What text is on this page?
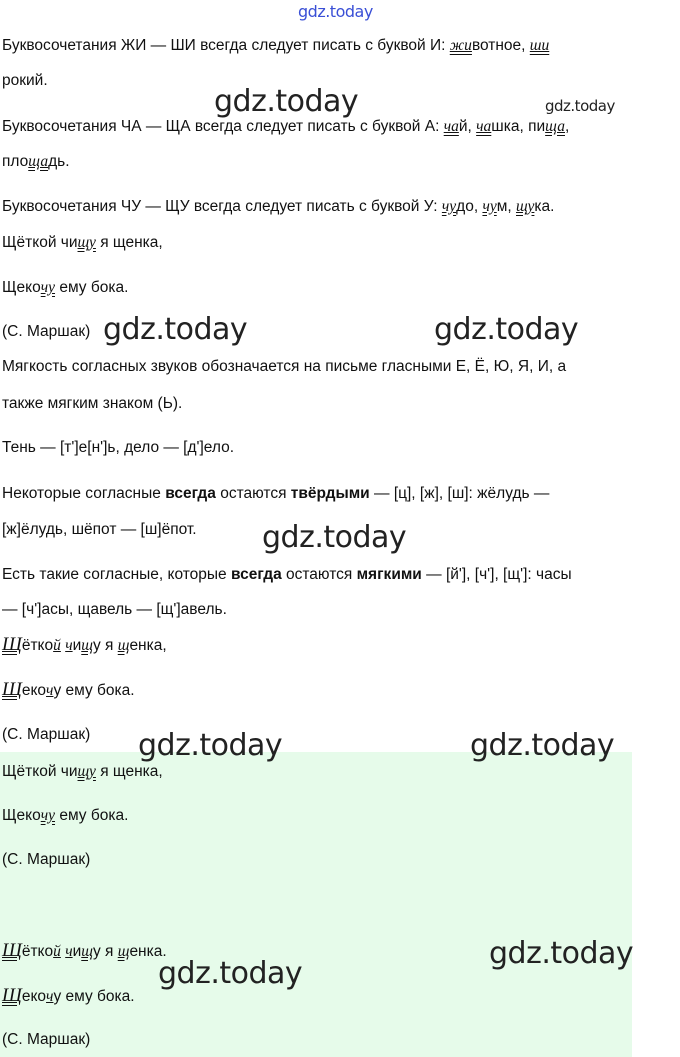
Буквосочетания ЖИ — ШИ всегда следует писать с буквой И: животное, ши
рокий.
Буквосочетания ЧА — ЩА всегда следует писать с буквой А: чай, чашка, пища,
площадь.
Буквосочетания ЧУ — ЩУ всегда следует писать с буквой У: чудо, чум, щука.
Щёткой чищу я щенка,
Щекочу ему бока.
(С. Маршак)
Мягкость согласных звуков обозначается на письме гласными Е, Ё, Ю, Я, И, а
также мягким знаком (Ь).
Тень — [т']е[н']ь, дело — [д']ело.
Некоторые согласные всегда остаются твёрдыми — [ц], [ж], [ш]: жёлудь —
[ж]ёлудь, шёпот — [ш]ёпот.
Есть такие согласные, которые всегда остаются мягкими — [й'], [ч'], [щ']: часы
— [ч']асы, щавель — [щ']авель.
Щёткой чищу я щенка,
Щекочу ему бока.
(С. Маршак)
Щёткой чищу я щенка,
Щекочу ему бока.
(С. Маршак)
Щёткой чищу я щенка.
Щекочу ему бока.
(С. Маршак)
gdz.today
gdz.today	gdz.today
gdz.today	gdz.today
gdz.today
gdz.today	gdz.today
gdz.today
gdz.today
